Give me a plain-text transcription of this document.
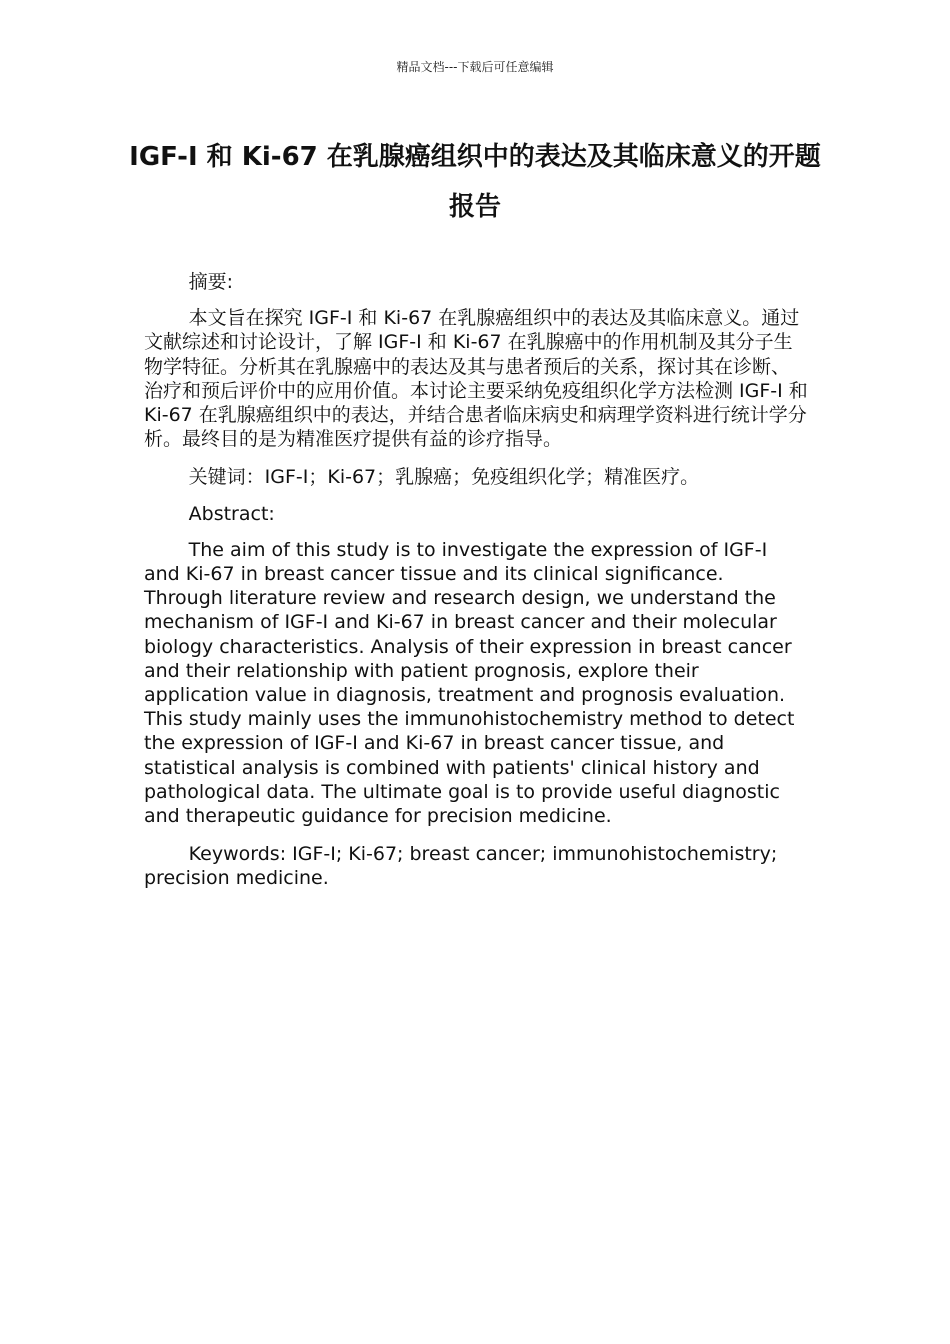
精品文档---下载后可任意编辑
IGF-I 和 Ki-67 在乳腺癌组织中的表达及其临床意义的开题报告

摘要:

本文旨在探究 IGF-I 和 Ki-67 在乳腺癌组织中的表达及其临床意义。通过文献综述和讨论设计，了解 IGF-I 和 Ki-67 在乳腺癌中的作用机制及其分子生物学特征。分析其在乳腺癌中的表达及其与患者预后的关系，探讨其在诊断、治疗和预后评价中的应用价值。本讨论主要采纳免疫组织化学方法检测 IGF-I 和 Ki-67 在乳腺癌组织中的表达，并结合患者临床病史和病理学资料进行统计学分析。最终目的是为精准医疗提供有益的诊疗指导。

关键词：IGF-I；Ki-67；乳腺癌；免疫组织化学；精准医疗。

Abstract:

The aim of this study is to investigate the expression of IGF-I and Ki-67 in breast cancer tissue and its clinical significance. Through literature review and research design, we understand the mechanism of IGF-I and Ki-67 in breast cancer and their molecular biology characteristics. Analysis of their expression in breast cancer and their relationship with patient prognosis, explore their application value in diagnosis, treatment and prognosis evaluation. This study mainly uses the immunohistochemistry method to detect the expression of IGF-I and Ki-67 in breast cancer tissue, and statistical analysis is combined with patients' clinical history and pathological data. The ultimate goal is to provide useful diagnostic and therapeutic guidance for precision medicine.

Keywords: IGF-I; Ki-67; breast cancer; immunohistochemistry; precision medicine.
